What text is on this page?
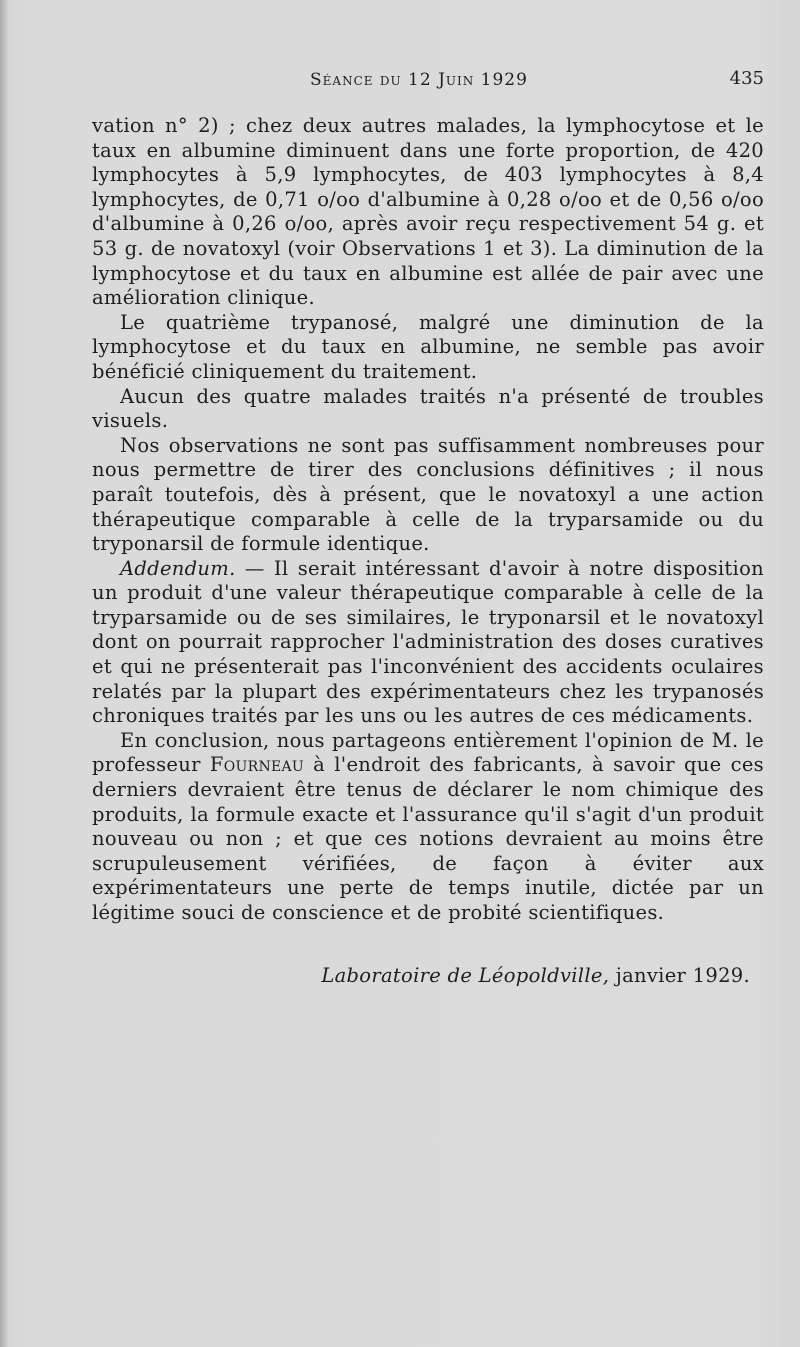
Séance du 12 Juin 1929	435

vation n° 2) ; chez deux autres malades, la lymphocytose et le taux en albumine diminuent dans une forte proportion, de 420 lymphocytes à 5,9 lymphocytes, de 403 lymphocytes à 8,4 lymphocytes, de 0,71 o/oo d'albumine à 0,28 o/oo et de 0,56 o/oo d'albumine à 0,26 o/oo, après avoir reçu respectivement 54 g. et 53 g. de novatoxyl (voir Observations 1 et 3). La diminution de la lymphocytose et du taux en albumine est allée de pair avec une amélioration clinique.

Le quatrième trypanosé, malgré une diminution de la lymphocytose et du taux en albumine, ne semble pas avoir bénéficié cliniquement du traitement.

Aucun des quatre malades traités n'a présenté de troubles visuels.

Nos observations ne sont pas suffisamment nombreuses pour nous permettre de tirer des conclusions définitives ; il nous paraît toutefois, dès à présent, que le novatoxyl a une action thérapeutique comparable à celle de la tryparsamide ou du tryponarsil de formule identique.

Addendum. — Il serait intéressant d'avoir à notre disposition un produit d'une valeur thérapeutique comparable à celle de la tryparsamide ou de ses similaires, le tryponarsil et le novatoxyl dont on pourrait rapprocher l'administration des doses curatives et qui ne présenterait pas l'inconvénient des accidents oculaires relatés par la plupart des expérimentateurs chez les trypanosés chroniques traités par les uns ou les autres de ces médicaments.

En conclusion, nous partageons entièrement l'opinion de M. le professeur Fourneau à l'endroit des fabricants, à savoir que ces derniers devraient être tenus de déclarer le nom chimique des produits, la formule exacte et l'assurance qu'il s'agit d'un produit nouveau ou non ; et que ces notions devraient au moins être scrupuleusement vérifiées, de façon à éviter aux expérimentateurs une perte de temps inutile, dictée par un légitime souci de conscience et de probité scientifiques.

Laboratoire de Léopoldville, janvier 1929.
